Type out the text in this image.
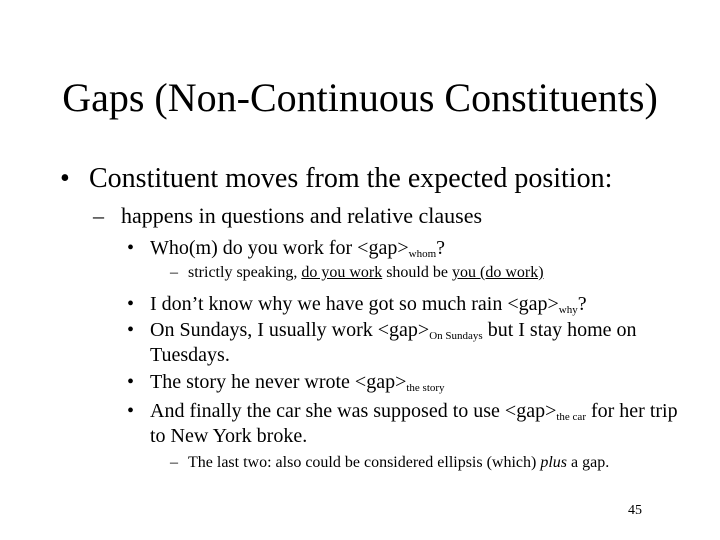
Gaps (Non-Continuous Constituents)
• Constituent moves from the expected position:
– happens in questions and relative clauses
• Who(m) do you work for $<gap>_{whom}$?
– strictly speaking, do you work should be you (do work)
• I don’t know why we have got so much rain $<gap>_{why}$?
• On Sundays, I usually work $<gap>_{On Sundays}$ but I stay home on
Tuesdays.
• The story he never wrote $<gap>_{the story}$
• And finally the car she was supposed to use $<gap>_{the car}$ for her trip
to New York broke.
– The last two: also could be considered ellipsis (which) plus a gap.
45
